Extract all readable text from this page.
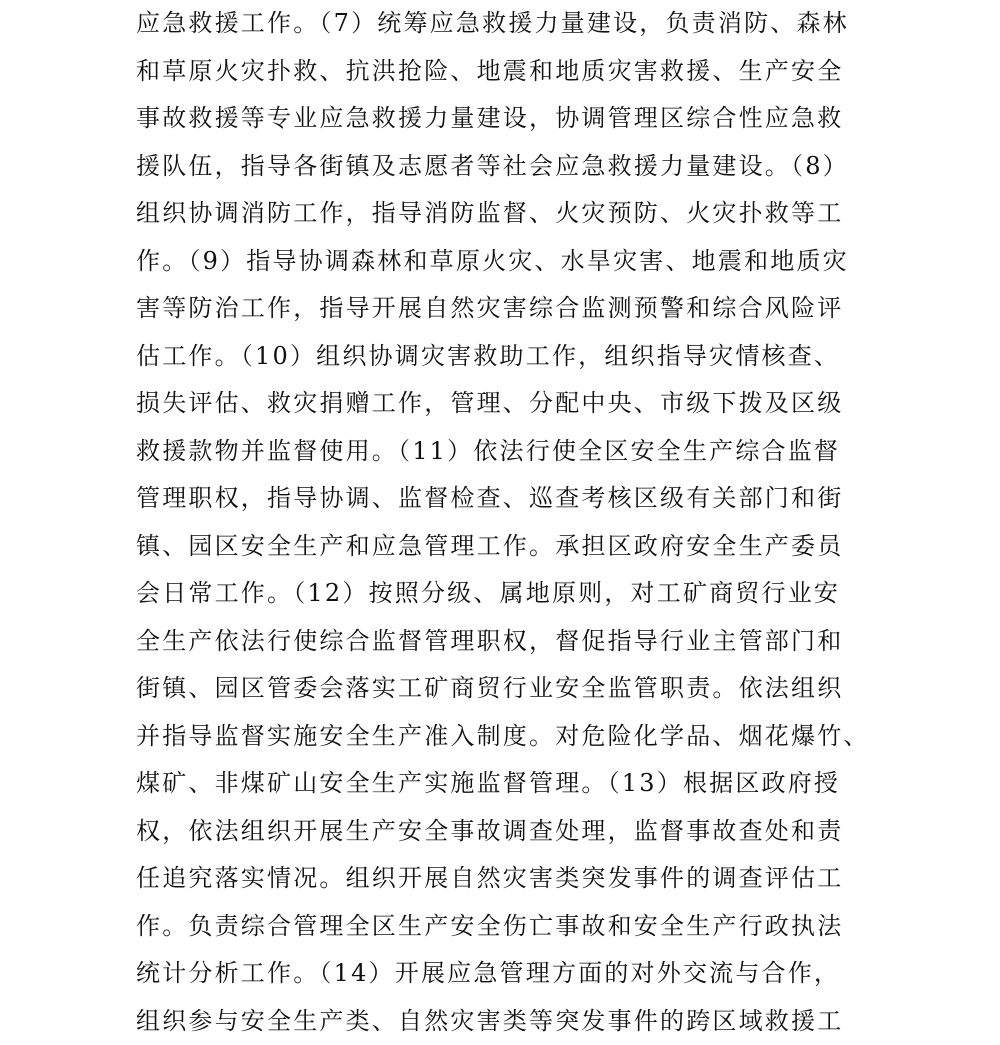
应急救援工作。（7）统筹应急救援力量建设，负责消防、森林
和草原火灾扑救、抗洪抢险、地震和地质灾害救援、生产安全
事故救援等专业应急救援力量建设，协调管理区综合性应急救
援队伍，指导各街镇及志愿者等社会应急救援力量建设。（8）
组织协调消防工作，指导消防监督、火灾预防、火灾扑救等工
作。（9）指导协调森林和草原火灾、水旱灾害、地震和地质灾
害等防治工作，指导开展自然灾害综合监测预警和综合风险评
估工作。（10）组织协调灾害救助工作，组织指导灾情核查、
损失评估、救灾捐赠工作，管理、分配中央、市级下拨及区级
救援款物并监督使用。（11）依法行使全区安全生产综合监督
管理职权，指导协调、监督检查、巡查考核区级有关部门和街
镇、园区安全生产和应急管理工作。承担区政府安全生产委员
会日常工作。（12）按照分级、属地原则，对工矿商贸行业安
全生产依法行使综合监督管理职权，督促指导行业主管部门和
街镇、园区管委会落实工矿商贸行业安全监管职责。依法组织
并指导监督实施安全生产准入制度。对危险化学品、烟花爆竹、
煤矿、非煤矿山安全生产实施监督管理。（13）根据区政府授
权，依法组织开展生产安全事故调查处理，监督事故查处和责
任追究落实情况。组织开展自然灾害类突发事件的调查评估工
作。负责综合管理全区生产安全伤亡事故和安全生产行政执法
统计分析工作。（14）开展应急管理方面的对外交流与合作，
组织参与安全生产类、自然灾害类等突发事件的跨区域救援工
